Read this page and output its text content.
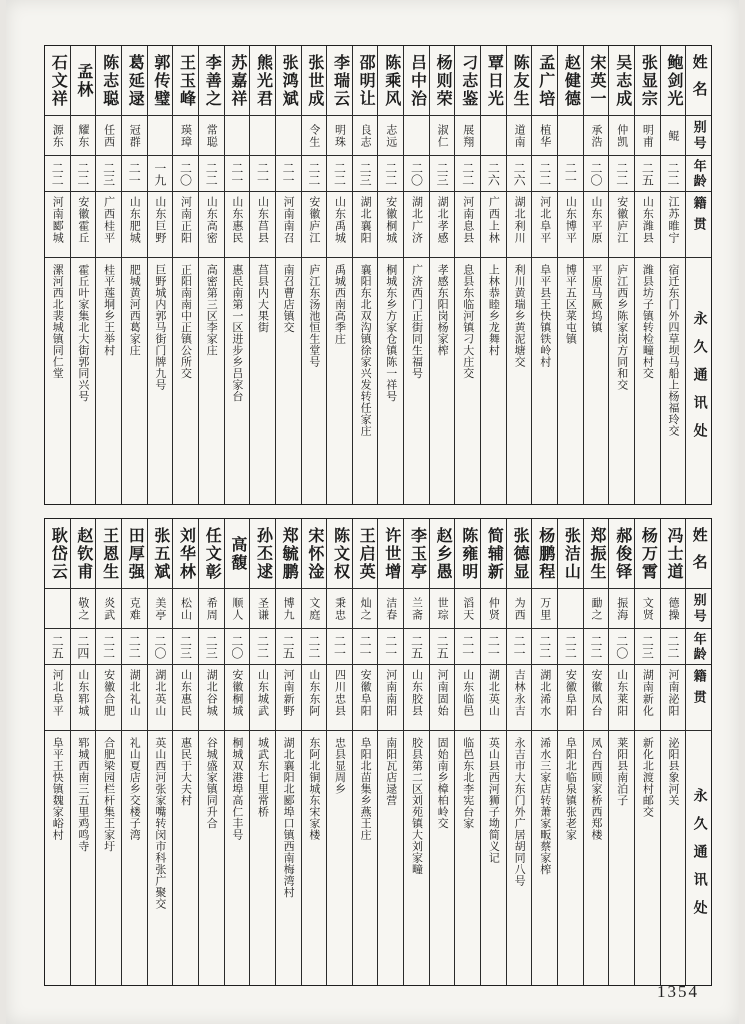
姓名
别号
年龄
籍贯
永久通讯处
鲍剑光
鲲
二二
江苏睢宁
宿迁东门外四草坝马船上杨福玲交
张显宗
明甫
二五
山东潍县
潍县坊子镇转检疃村交
吴志成
仲凯
二二
安徽庐江
庐江西乡陈家岗方同和交
宋英一
承浩
二〇
山东平原
平原马厥坞镇
赵健德
二一
山东博平
博平五区菜屯镇
孟广培
植华
二二
河北阜平
阜平县王快镇铁岭村
陈友生
道南
二六
湖北利川
利川黄瑞乡黄泥塘交
覃日光
二六
广西上林
上林恭睦乡龙舞村
刁志鉴
展翔
二二
河南息县
息县东临河镇刁大庄交
杨则荣
淑仁
二三
湖北孝感
孝感东阳岗杨家榨
吕中治
二〇
湖北广济
广济西门正街同生福号
陈乘风
志远
二二
安徽桐城
桐城东乡方家仓镇陈一祥号
邵明让
良志
二三
湖北襄阳
襄阳东北双沟镇徐家兴发转任家庄
李瑞云
明珠
二二
山东禹城
禹城西南高季庄
张世成
令生
二二
安徽庐江
庐江东汤池恒生堂号
张鸿斌
二一
河南南召
南召曹店镇交
熊光君
二一
山东莒县
莒县内大果街
苏嘉祥
二一
山东惠民
惠民南第一区进步乡吕家台
李善之
常聪
二二
山东高密
高密第三区李家庄
王玉峰
瑛璋
二〇
河南正阳
正阳南南中正镇公所交
郭传璧
一九
山东巨野
巨野城内郭马街门牌九号
葛延逯
冠群
二一
山东肥城
肥城黄河西葛家庄
陈志聪
任西
二三
广西桂平
桂平莲垌乡王举村
孟林
耀东
二二
安徽霍丘
霍丘叶家集北大街郭同兴号
石文祥
源东
二二
河南郾城
漯河西北裴城镇同仁堂
姓名
别号
年龄
籍贯
永久通讯处
冯士道
德操
二二
河南泌阳
泌阳县象河关
杨万霄
文贤
二三
湖南新化
新化北渡村邮交
郝俊铎
振海
二〇
山东莱阳
莱阳县南泊子
郑振生
勔之
二二
安徽凤台
凤台西顾家桥西郑楼
张洁山
二二
安徽阜阳
阜阳北临泉镇张老家
杨鹏程
万里
二二
湖北浠水
浠水三家店转萧家畈蔡家榨
张德显
为西
二一
吉林永吉
永吉市大东门外广居胡同八号
简辅新
仲贤
二一
湖北英山
英山县西河狮子坳简义记
陈雍明
滔天
二一
山东临邑
临邑东北李宪台家
赵乡愚
世琮
二五
河南固始
固始南乡樟柏岭交
李玉亭
兰斋
二五
山东胶县
胶县第二区刘苑镇大刘家疃
许世增
洁春
二一
河南南阳
南阳瓦店逯营
王启英
灿之
二一
安徽阜阳
阜阳北苗集乡燕王庄
陈文权
秉忠
二一
四川忠县
忠县显周乡
宋怀淦
文庭
二二
山东东阿
东阿北铜城东宋家楼
郑毓鹏
博九
二五
河南新野
湖北襄阳北郾埠口镇西南梅湾村
孙丕逑
圣谦
二二
山东城武
城武东七里常桥
高馥
顺人
二〇
安徽桐城
桐城双港埠高仁丰号
任文彰
希周
二三
湖北谷城
谷城盛家镇同升合
刘华林
松山
二三
山东惠民
惠民于大夫村
张五斌
美亭
二〇
湖北英山
英山西河张家嘴转闵市科张广聚交
田厚强
克难
二二
湖北礼山
礼山夏店乡交楼子湾
王恩生
炎武
二二
安徽合肥
合肥梁园栏杆集王家圩
赵钦甫
敬之
二四
山东郓城
郓城西南三五里鸡鸣寺
耿岱云
二五
河北阜平
阜平王快镇魏家峪村
1354
